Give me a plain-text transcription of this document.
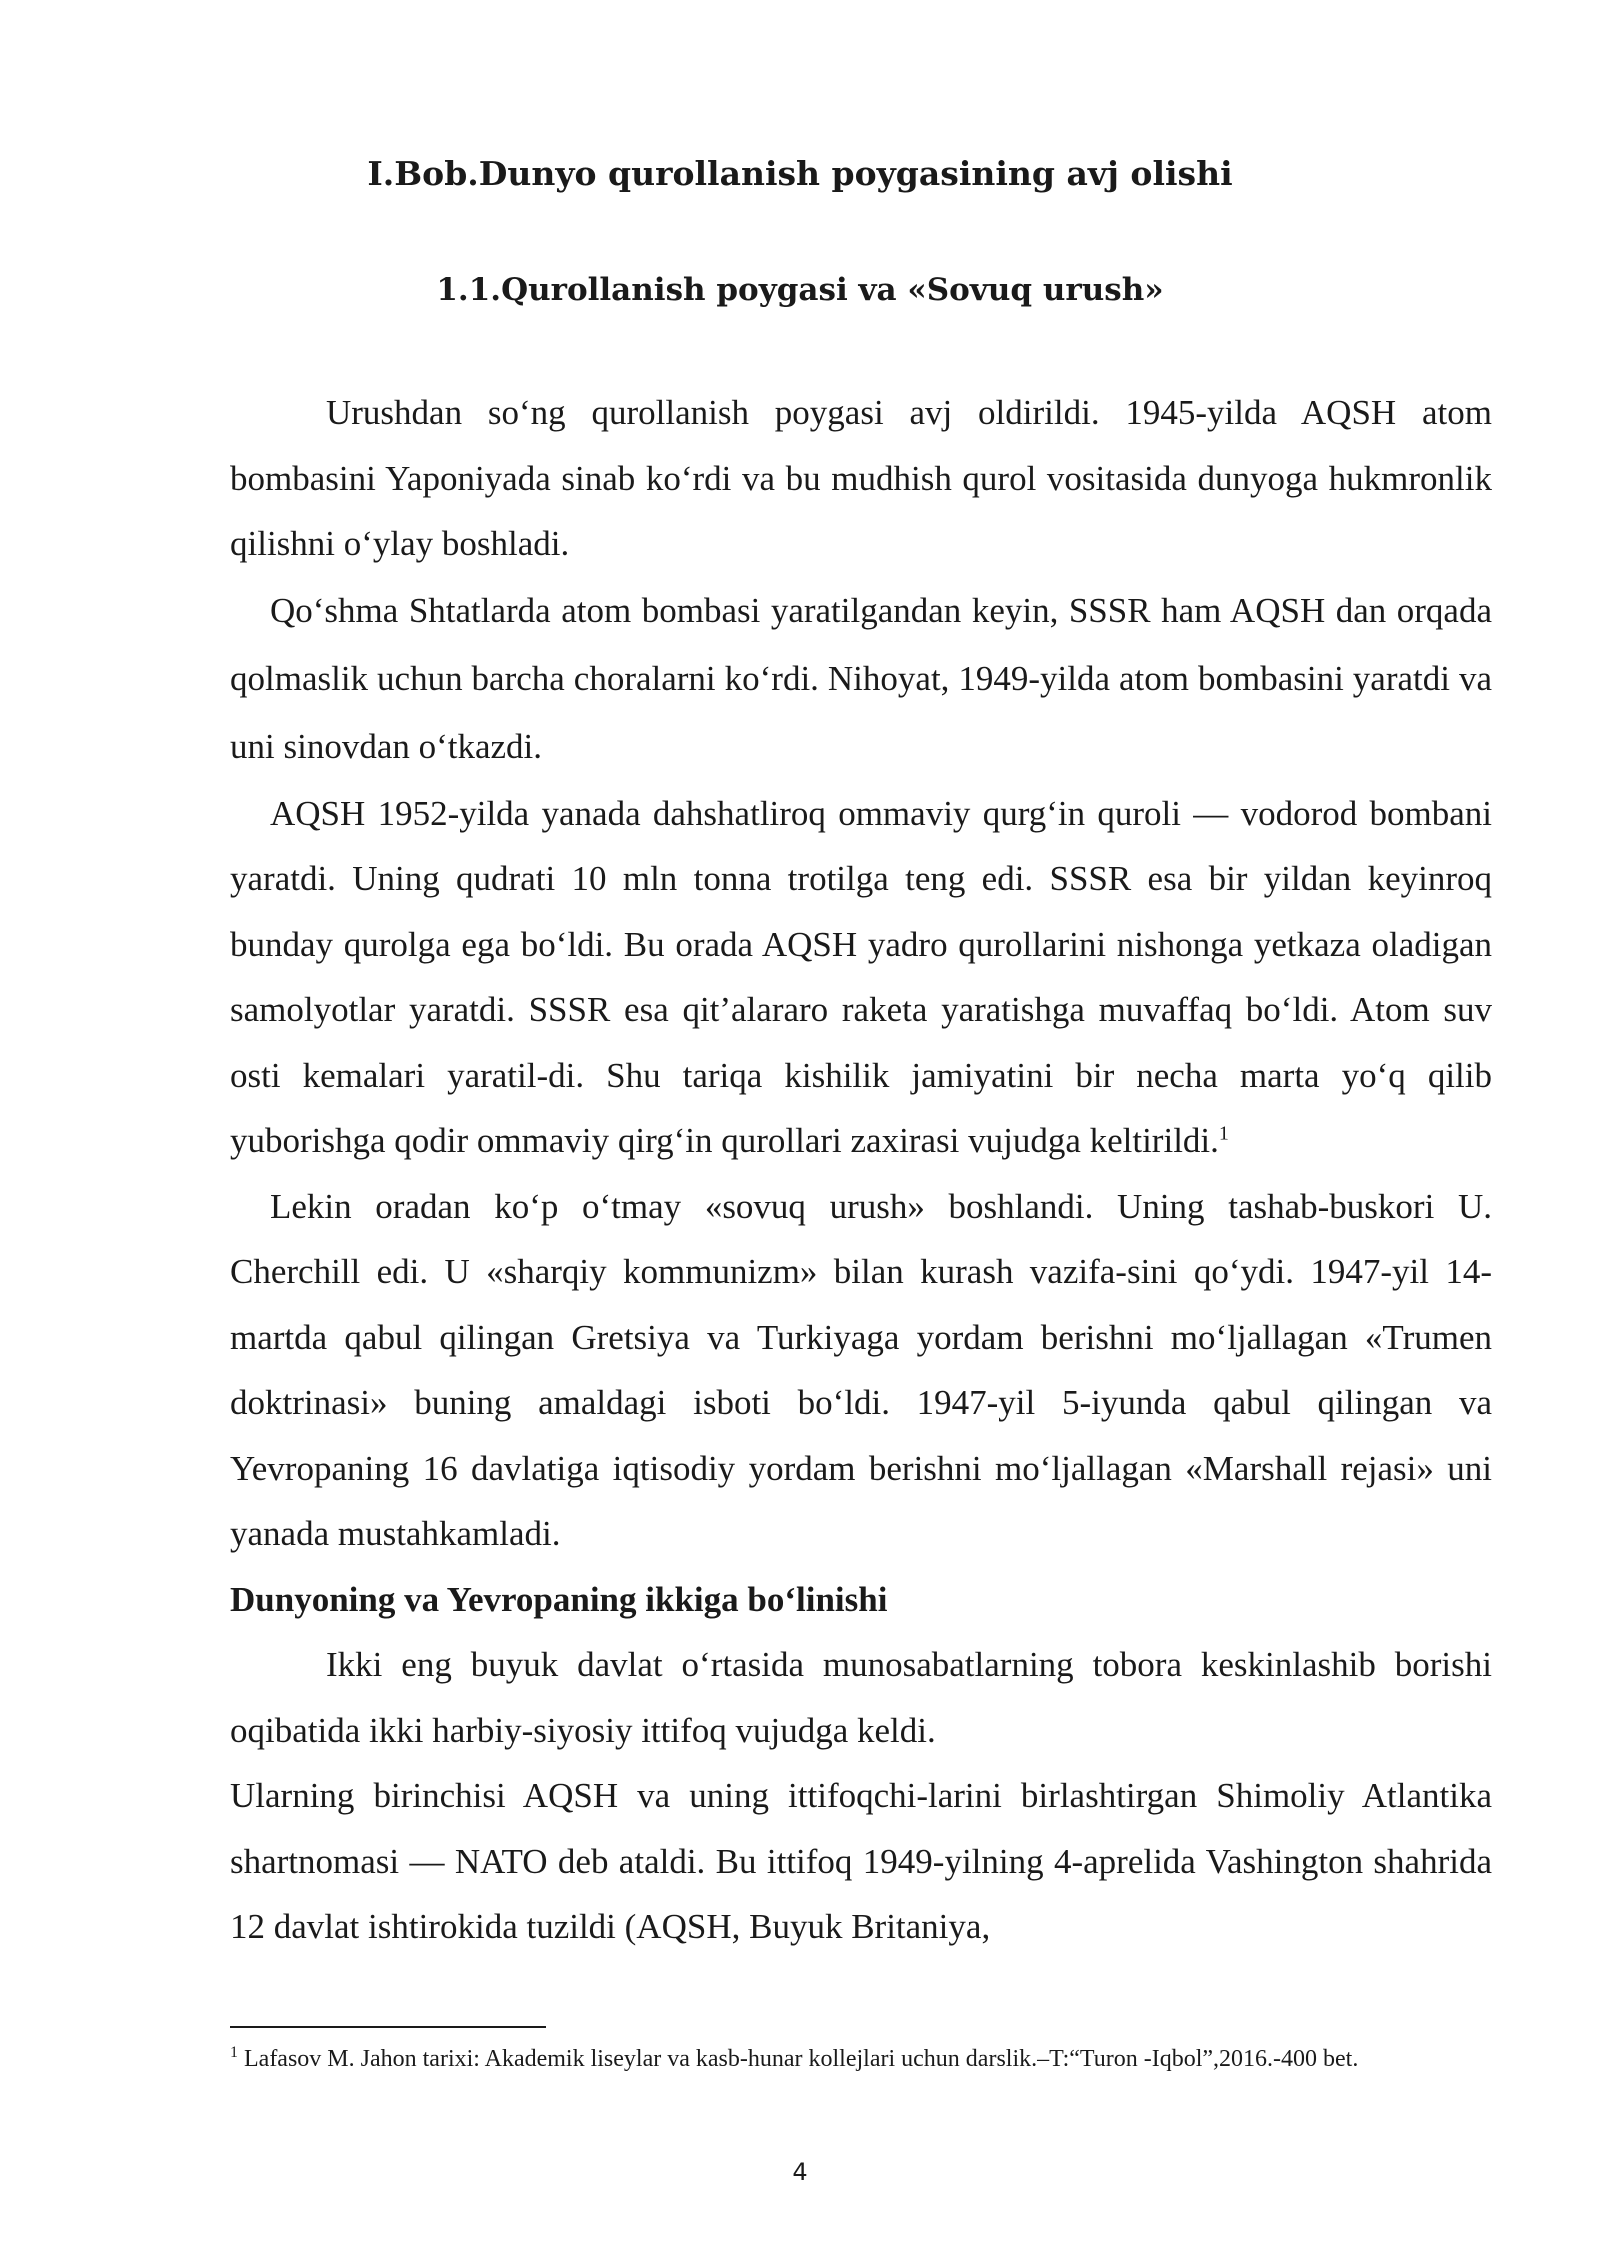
I.Bob.Dunyo qurollanish poygasining avj olishi
1.1.Qurollanish poygasi va «Sovuq urush»

Urushdan so‘ng qurollanish poygasi avj oldirildi. 1945-yilda AQSH atom bombasini Yaponiyada sinab ko‘rdi va bu mudhish qurol vositasida dunyoga hukmronlik qilishni o‘ylay boshladi.

Qo‘shma Shtatlarda atom bombasi yaratilgandan keyin, SSSR ham AQSH dan orqada qolmaslik uchun barcha choralarni ko‘rdi. Nihoyat, 1949-yilda atom bombasini yaratdi va uni sinovdan o‘tkazdi.

AQSH 1952-yilda yanada dahshatliroq ommaviy qurg‘in quroli — vodorod bombani yaratdi. Uning qudrati 10 mln tonna trotilga teng edi. SSSR esa bir yildan keyinroq bunday qurolga ega bo‘ldi. Bu orada AQSH yadro qurollarini nishonga yetkaza oladigan samolyotlar yaratdi. SSSR esa qit’alararo raketa yaratishga muvaffaq bo‘ldi. Atom suv osti kemalari yaratil-di. Shu tariqa kishilik jamiyatini bir necha marta yo‘q qilib yuborishga qodir ommaviy qirg‘in qurollari zaxirasi vujudga keltirildi.$^1$

Lekin oradan ko‘p o‘tmay «sovuq urush» boshlandi. Uning tashab-buskori U. Cherchill edi. U «sharqiy kommunizm» bilan kurash vazifa-sini qo‘ydi. 1947-yil 14-martda qabul qilingan Gretsiya va Turkiyaga yordam berishni mo‘ljallagan «Trumen doktrinasi» buning amaldagi isboti bo‘ldi. 1947-yil 5-iyunda qabul qilingan va Yevropaning 16 davlatiga iqtisodiy yordam berishni mo‘ljallagan «Marshall rejasi» uni yanada mustahkamladi.

Dunyoning va Yevropaning ikkiga bo‘linishi

Ikki eng buyuk davlat o‘rtasida munosabatlarning tobora keskinlashib borishi oqibatida ikki harbiy-siyosiy ittifoq vujudga keldi.

Ularning birinchisi AQSH va uning ittifoqchi-larini birlashtirgan Shimoliy Atlantika shartnomasi — NATO deb ataldi. Bu ittifoq 1949-yilning 4-aprelida Vashington shahrida 12 davlat ishtirokida tuzildi (AQSH, Buyuk Britaniya,

$^1$ Lafasov M. Jahon tarixi: Akademik liseylar va kasb-hunar kollejlari uchun darslik.–T:“Turon -Iqbol”,2016.-400 bet.
4
